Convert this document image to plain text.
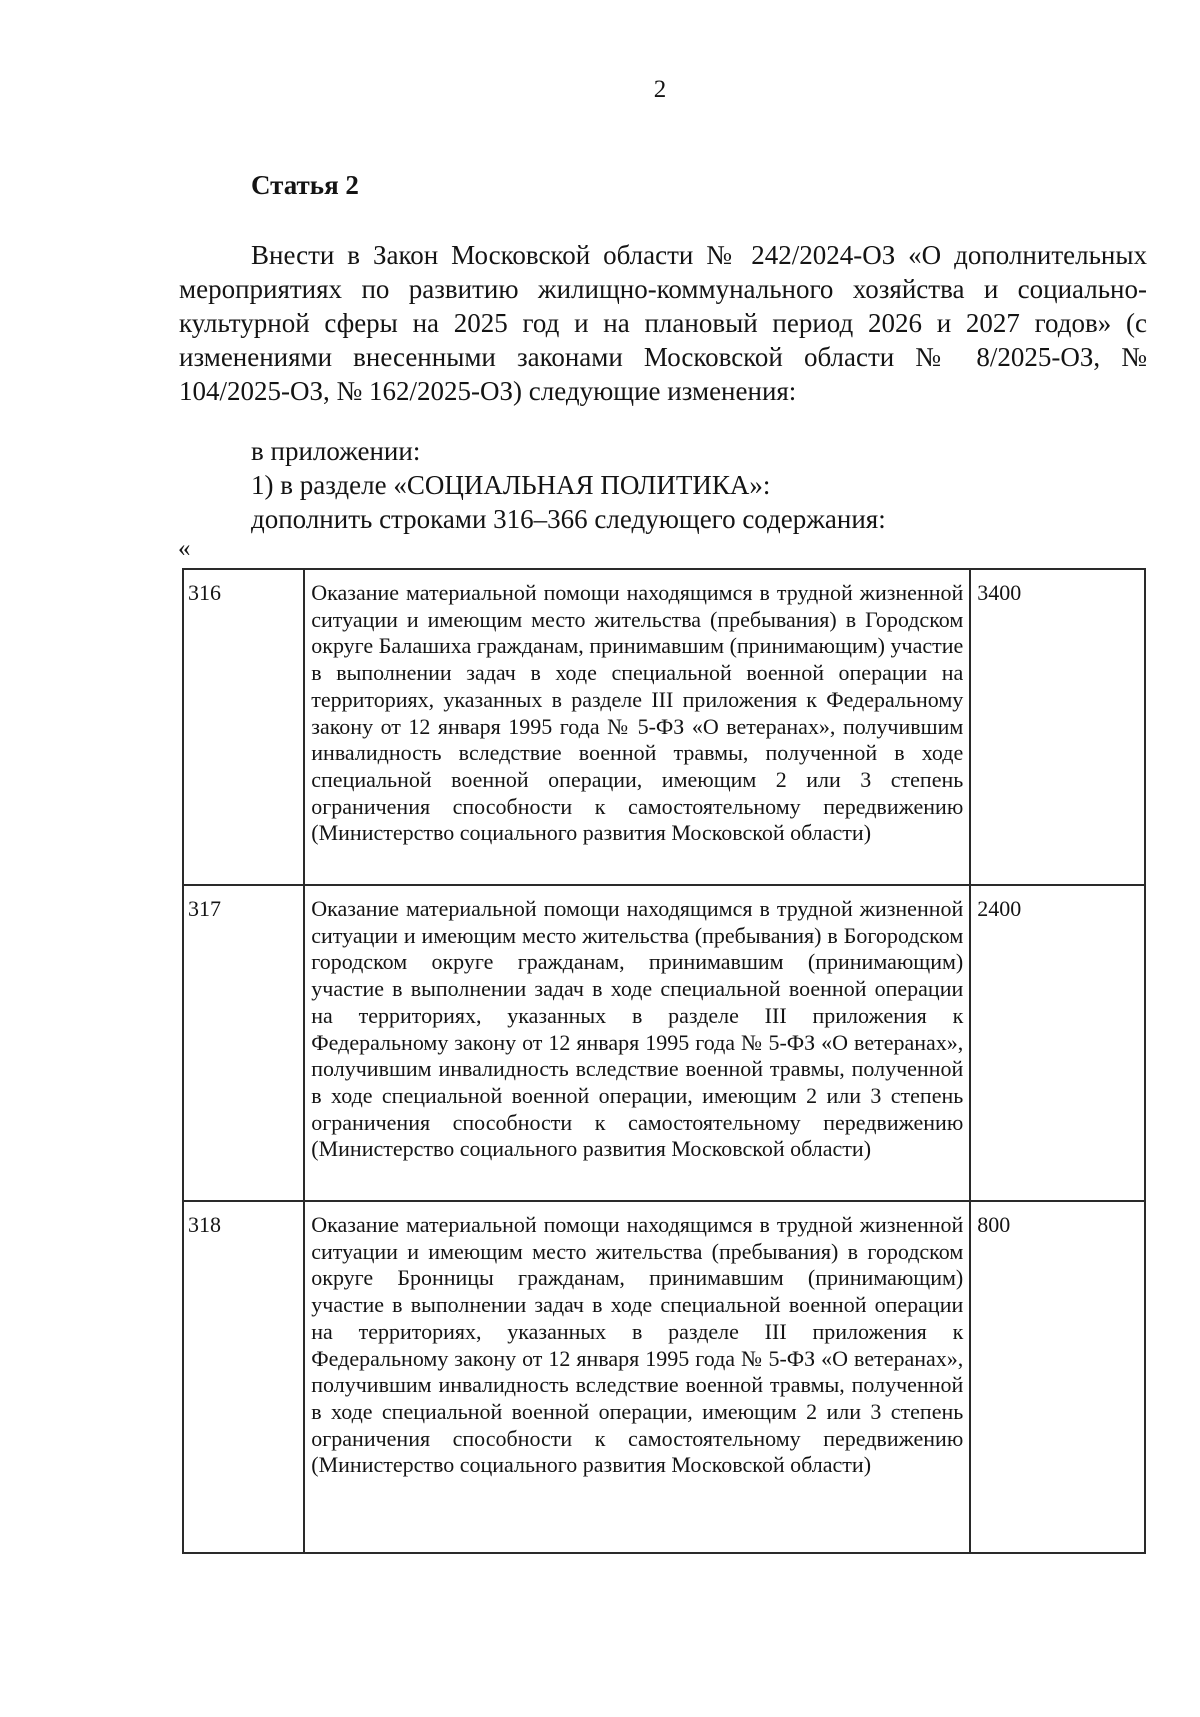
2
Статья 2
Внести в Закон Московской области № 242/2024-ОЗ «О дополнительных мероприятиях по развитию жилищно-коммунального хозяйства и социально-культурной сферы на 2025 год и на плановый период 2026 и 2027 годов» (с изменениями внесенными законами Московской области № 8/2025-ОЗ, № 104/2025-ОЗ, № 162/2025-ОЗ) следующие изменения:
в приложении:
1) в разделе «СОЦИАЛЬНАЯ ПОЛИТИКА»:
дополнить строками 316–366 следующего содержания:
«
316	Оказание материальной помощи находящимся в трудной жизненной ситуации и имеющим место жительства (пребывания) в Городском округе Балашиха гражданам, принимавшим (принимающим) участие в выполнении задач в ходе специальной военной операции на территориях, указанных в разделе III приложения к Федеральному закону от 12 января 1995 года № 5-ФЗ «О ветеранах», получившим инвалидность вследствие военной травмы, полученной в ходе специальной военной операции, имеющим 2 или 3 степень ограничения способности к самостоятельному передвижению (Министерство социального развития Московской области)	3400
317	Оказание материальной помощи находящимся в трудной жизненной ситуации и имеющим место жительства (пребывания) в Богородском городском округе гражданам, принимавшим (принимающим) участие в выполнении задач в ходе специальной военной операции на территориях, указанных в разделе III приложения к Федеральному закону от 12 января 1995 года № 5-ФЗ «О ветеранах», получившим инвалидность вследствие военной травмы, полученной в ходе специальной военной операции, имеющим 2 или 3 степень ограничения способности к самостоятельному передвижению (Министерство социального развития Московской области)	2400
318	Оказание материальной помощи находящимся в трудной жизненной ситуации и имеющим место жительства (пребывания) в городском округе Бронницы гражданам, принимавшим (принимающим) участие в выполнении задач в ходе специальной военной операции на территориях, указанных в разделе III приложения к Федеральному закону от 12 января 1995 года № 5-ФЗ «О ветеранах», получившим инвалидность вследствие военной травмы, полученной в ходе специальной военной операции, имеющим 2 или 3 степень ограничения способности к самостоятельному передвижению (Министерство социального развития Московской области)	800
